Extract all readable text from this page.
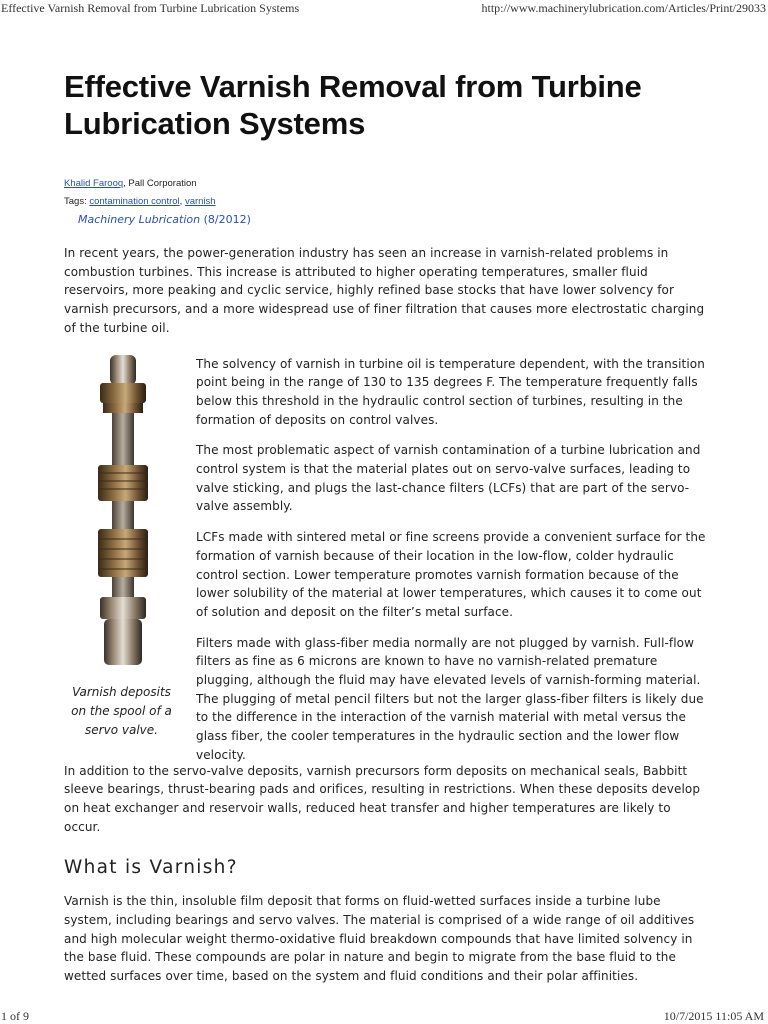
Effective Varnish Removal from Turbine Lubrication Systems	http://www.machinerylubrication.com/Articles/Print/29033
Effective Varnish Removal from Turbine Lubrication Systems
Khalid Farooq, Pall Corporation
Tags: contamination control, varnish
Machinery Lubrication (8/2012)

In recent years, the power-generation industry has seen an increase in varnish-related problems in combustion turbines. This increase is attributed to higher operating temperatures, smaller fluid reservoirs, more peaking and cyclic service, highly refined base stocks that have lower solvency for varnish precursors, and a more widespread use of finer filtration that causes more electrostatic charging of the turbine oil.

Varnish deposits on the spool of a servo valve.

The solvency of varnish in turbine oil is temperature dependent, with the transition point being in the range of 130 to 135 degrees F. The temperature frequently falls below this threshold in the hydraulic control section of turbines, resulting in the formation of deposits on control valves.

The most problematic aspect of varnish contamination of a turbine lubrication and control system is that the material plates out on servo-valve surfaces, leading to valve sticking, and plugs the last-chance filters (LCFs) that are part of the servo-valve assembly.

LCFs made with sintered metal or fine screens provide a convenient surface for the formation of varnish because of their location in the low-flow, colder hydraulic control section. Lower temperature promotes varnish formation because of the lower solubility of the material at lower temperatures, which causes it to come out of solution and deposit on the filter’s metal surface.

Filters made with glass-fiber media normally are not plugged by varnish. Full-flow filters as fine as 6 microns are known to have no varnish-related premature plugging, although the fluid may have elevated levels of varnish-forming material. The plugging of metal pencil filters but not the larger glass-fiber filters is likely due to the difference in the interaction of the varnish material with metal versus the glass fiber, the cooler temperatures in the hydraulic section and the lower flow velocity.

In addition to the servo-valve deposits, varnish precursors form deposits on mechanical seals, Babbitt sleeve bearings, thrust-bearing pads and orifices, resulting in restrictions. When these deposits develop on heat exchanger and reservoir walls, reduced heat transfer and higher temperatures are likely to occur.

What is Varnish?

Varnish is the thin, insoluble film deposit that forms on fluid-wetted surfaces inside a turbine lube system, including bearings and servo valves. The material is comprised of a wide range of oil additives and high molecular weight thermo-oxidative fluid breakdown compounds that have limited solvency in the base fluid. These compounds are polar in nature and begin to migrate from the base fluid to the wetted surfaces over time, based on the system and fluid conditions and their polar affinities.

1 of 9	10/7/2015 11:05 AM
